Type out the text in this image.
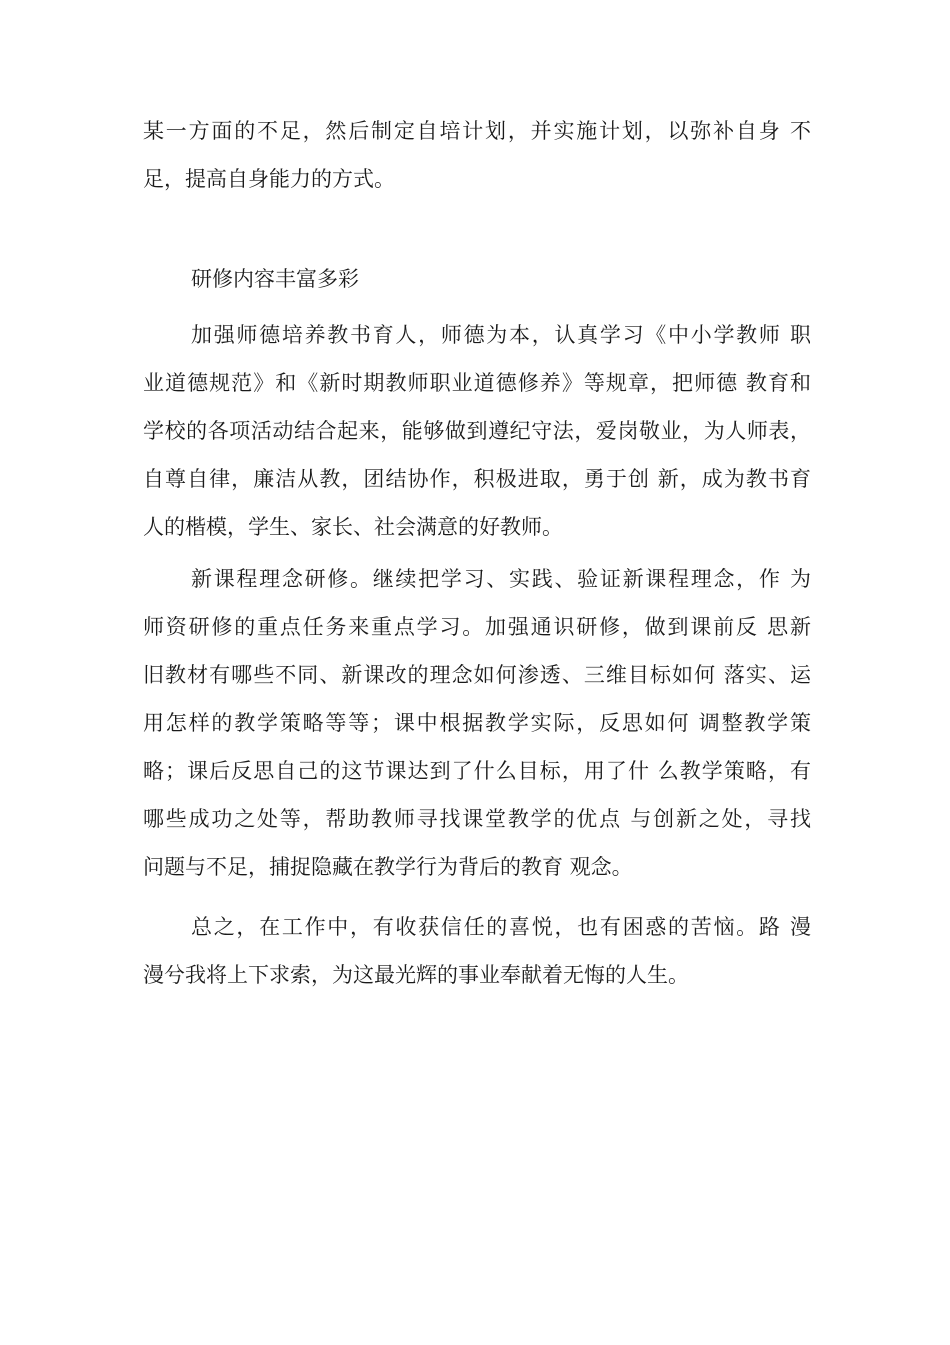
某一方面的不足，然后制定自培计划，并实施计划，以弥补自身 不
足，提高自身能力的方式。
研修内容丰富多彩
加强师德培养教书育人，师德为本，认真学习《中小学教师 职
业道德规范》和《新时期教师职业道德修养》等规章，把师德 教育和
学校的各项活动结合起来，能够做到遵纪守法，爱岗敬业，为人师表，
自尊自律，廉洁从教，团结协作，积极进取，勇于创 新，成为教书育
人的楷模，学生、家长、社会满意的好教师。
新课程理念研修。继续把学习、实践、验证新课程理念，作 为
师资研修的重点任务来重点学习。加强通识研修，做到课前反 思新
旧教材有哪些不同、新课改的理念如何渗透、三维目标如何 落实、运
用怎样的教学策略等等；课中根据教学实际，反思如何 调整教学策
略；课后反思自己的这节课达到了什么目标，用了什 么教学策略，有
哪些成功之处等，帮助教师寻找课堂教学的优点 与创新之处，寻找
问题与不足，捕捉隐藏在教学行为背后的教育 观念。
总之，在工作中，有收获信任的喜悦，也有困惑的苦恼。路 漫
漫兮我将上下求索，为这最光辉的事业奉献着无悔的人生。
